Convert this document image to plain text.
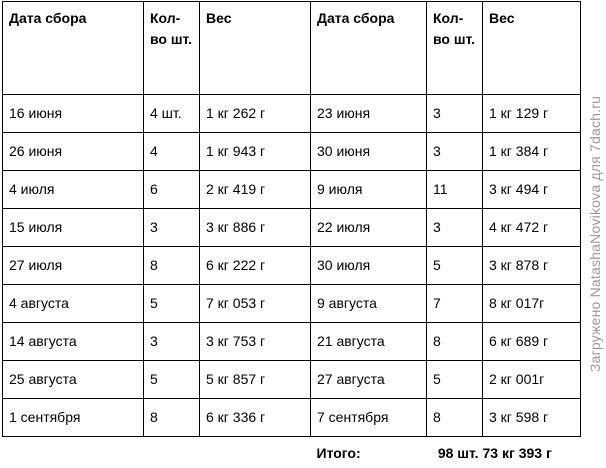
Дата сбора	Кол-во шт.	Вес	Дата сбора	Кол-во шт.	Вес
16 июня	4 шт.	1 кг 262 г	23 июня	3	1 кг 129 г
26 июня	4	1 кг 943 г	30 июня	3	1 кг 384 г
4 июля	6	2 кг 419 г	9 июля	11	3 кг 494 г
15 июля	3	3 кг 886 г	22 июля	3	4 кг 472 г
27 июля	8	6 кг 222 г	30 июля	5	3 кг 878 г
4 августа	5	7 кг 053 г	9 августа	7	8 кг 017г
14 августа	3	3 кг 753 г	21 августа	8	6 кг 689 г
25 августа	5	5 кг 857 г	27 августа	5	2 кг 001г
1 сентября	8	6 кг 336 г	7 сентября	8	3 кг 598 г
			Итого:	98 шт.	73 кг 393 г
Загружено NatashaNovikova для 7dach.ru
